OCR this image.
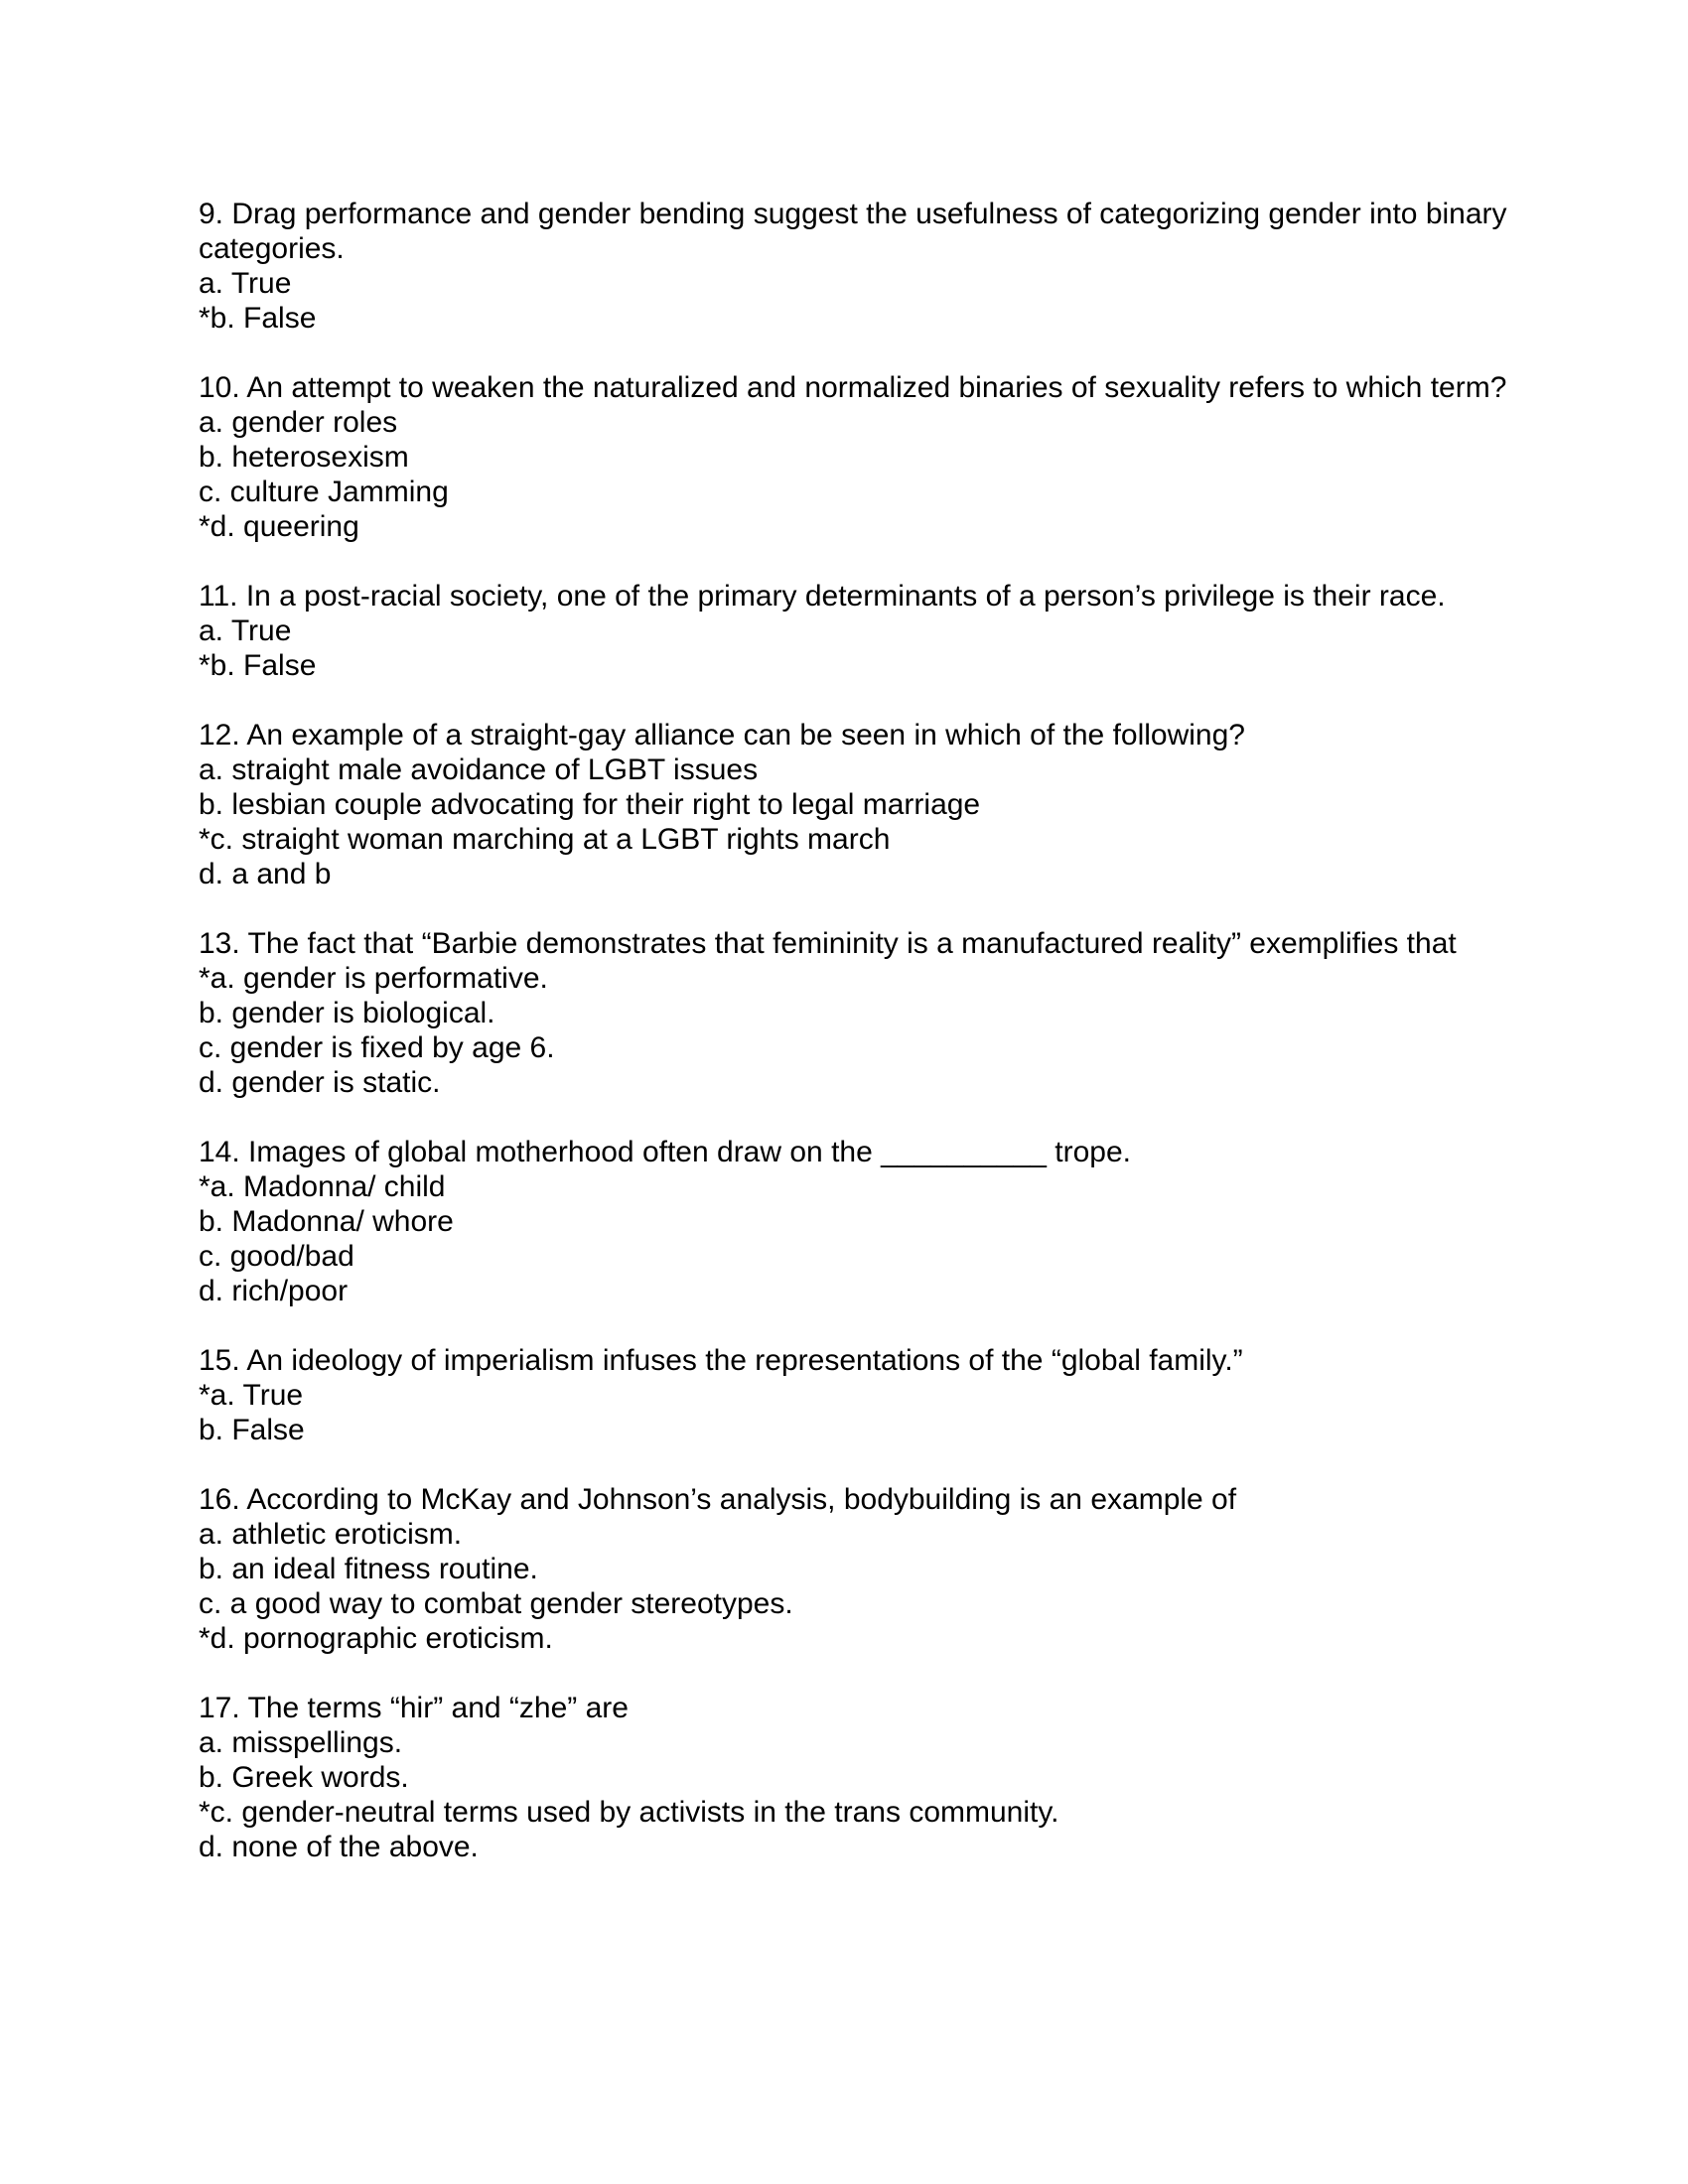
9. Drag performance and gender bending suggest the usefulness of categorizing gender into binary categories.

a. True

*b. False

10. An attempt to weaken the naturalized and normalized binaries of sexuality refers to which term?

a. gender roles

b. heterosexism

c. culture Jamming

*d. queering

11. In a post-racial society, one of the primary determinants of a person’s privilege is their race.

a. True

*b. False

12. An example of a straight-gay alliance can be seen in which of the following?

a. straight male avoidance of LGBT issues

b. lesbian couple advocating for their right to legal marriage

*c. straight woman marching at a LGBT rights march

d. a and b

13. The fact that “Barbie demonstrates that femininity is a manufactured reality” exemplifies that

*a. gender is performative.

b. gender is biological.

c. gender is fixed by age 6.

d. gender is static.

14. Images of global motherhood often draw on the __________ trope.

*a. Madonna/ child

b. Madonna/ whore

c. good/bad

d. rich/poor

15. An ideology of imperialism infuses the representations of the “global family.”

*a. True

b. False

16. According to McKay and Johnson’s analysis, bodybuilding is an example of

a. athletic eroticism.

b. an ideal fitness routine.

c. a good way to combat gender stereotypes.

*d. pornographic eroticism.

17. The terms “hir” and “zhe” are

a. misspellings.

b. Greek words.

*c. gender-neutral terms used by activists in the trans community.

d. none of the above.
